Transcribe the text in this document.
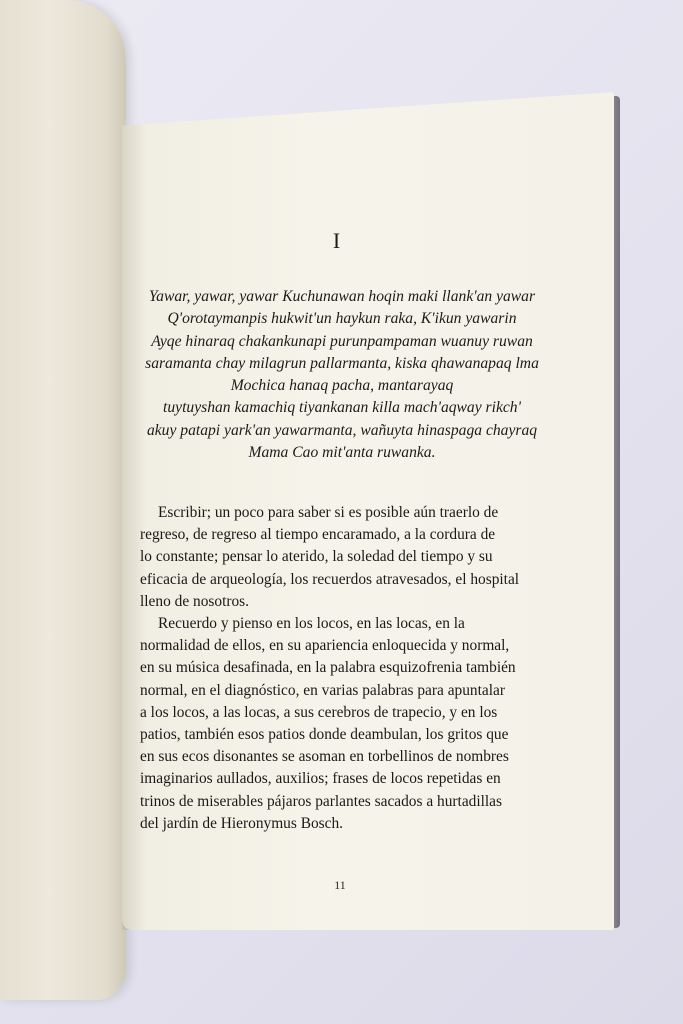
I
Yawar, yawar, yawar Kuchunawan hoqin maki llank'an yawar
Q'orotaymanpis hukwit'un haykun raka, K'ikun yawarin
Ayqe hinaraq chakankunapi purunpampaman wuanuy ruwan
saramanta chay milagrun pallarmanta, kiska qhawanapaq lma
Mochica hanaq pacha, mantarayaq
tuytuyshan kamachiq tiyankanan killa mach'aqway rikch'
akuy patapi yark'an yawarmanta, wañuyta hinaspaga chayraq
Mama Cao mit'anta ruwanka.
Escribir; un poco para saber si es posible aún traerlo de
regreso, de regreso al tiempo encaramado, a la cordura de
lo constante; pensar lo aterido, la soledad del tiempo y su
eficacia de arqueología, los recuerdos atravesados, el hospital
lleno de nosotros.
Recuerdo y pienso en los locos, en las locas, en la
normalidad de ellos, en su apariencia enloquecida y normal,
en su música desafinada, en la palabra esquizofrenia también
normal, en el diagnóstico, en varias palabras para apuntalar
a los locos, a las locas, a sus cerebros de trapecio, y en los
patios, también esos patios donde deambulan, los gritos que
en sus ecos disonantes se asoman en torbellinos de nombres
imaginarios aullados, auxilios; frases de locos repetidas en
trinos de miserables pájaros parlantes sacados a hurtadillas
del jardín de Hieronymus Bosch.
11
